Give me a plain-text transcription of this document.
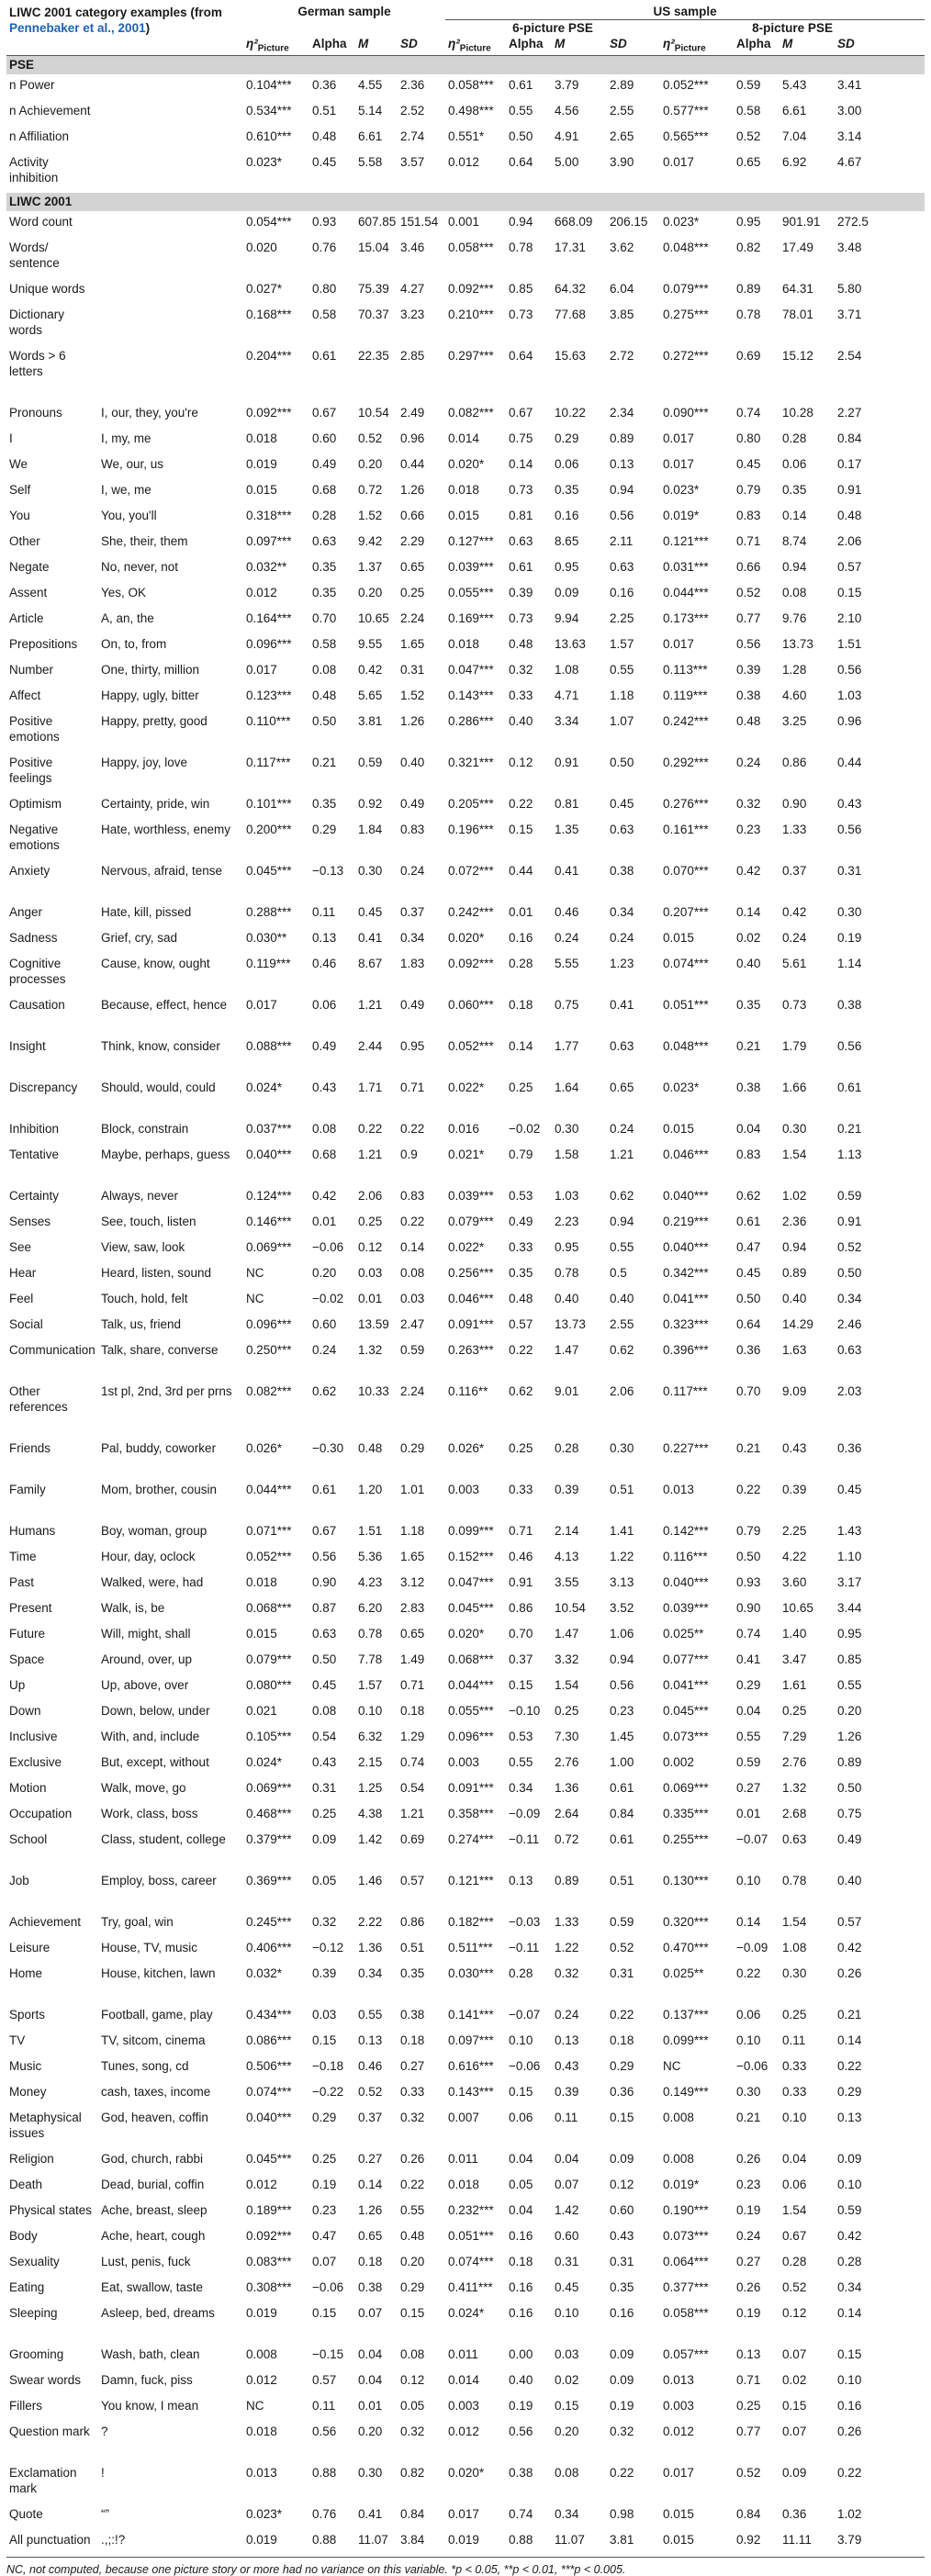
LIWC 2001 category examples (from
Pennebaker et al., 2001)		German sample				US sample							
						6-picture PSE				8-picture PSE			
		$\eta^2_{Picture}$	Alpha	M	SD	$\eta^2_{Picture}$	Alpha	M	SD	$\eta^2_{Picture}$	Alpha	M	SD
PSE													
n Power		0.104***	0.36	4.55	2.36	0.058***	0.61	3.79	2.89	0.052***	0.59	5.43	3.41
n Achievement		0.534***	0.51	5.14	2.52	0.498***	0.55	4.56	2.55	0.577***	0.58	6.61	3.00
n Affiliation		0.610***	0.48	6.61	2.74	0.551*	0.50	4.91	2.65	0.565***	0.52	7.04	3.14
Activity inhibition		0.023*	0.45	5.58	3.57	0.012	0.64	5.00	3.90	0.017	0.65	6.92	4.67
LIWC 2001													
Word count		0.054***	0.93	607.85	151.54	0.001	0.94	668.09	206.15	0.023*	0.95	901.91	272.5
Words/ sentence		0.020	0.76	15.04	3.46	0.058***	0.78	17.31	3.62	0.048***	0.82	17.49	3.48
Unique words		0.027*	0.80	75.39	4.27	0.092***	0.85	64.32	6.04	0.079***	0.89	64.31	5.80
Dictionary words		0.168***	0.58	70.37	3.23	0.210***	0.73	77.68	3.85	0.275***	0.78	78.01	3.71
Words > 6 letters		0.204***	0.61	22.35	2.85	0.297***	0.64	15.63	2.72	0.272***	0.69	15.12	2.54
Pronouns	I, our, they, you're	0.092***	0.67	10.54	2.49	0.082***	0.67	10.22	2.34	0.090***	0.74	10.28	2.27
I	I, my, me	0.018	0.60	0.52	0.96	0.014	0.75	0.29	0.89	0.017	0.80	0.28	0.84
We	We, our, us	0.019	0.49	0.20	0.44	0.020*	0.14	0.06	0.13	0.017	0.45	0.06	0.17
Self	I, we, me	0.015	0.68	0.72	1.26	0.018	0.73	0.35	0.94	0.023*	0.79	0.35	0.91
You	You, you'll	0.318***	0.28	1.52	0.66	0.015	0.81	0.16	0.56	0.019*	0.83	0.14	0.48
Other	She, their, them	0.097***	0.63	9.42	2.29	0.127***	0.63	8.65	2.11	0.121***	0.71	8.74	2.06
Negate	No, never, not	0.032**	0.35	1.37	0.65	0.039***	0.61	0.95	0.63	0.031***	0.66	0.94	0.57
Assent	Yes, OK	0.012	0.35	0.20	0.25	0.055***	0.39	0.09	0.16	0.044***	0.52	0.08	0.15
Article	A, an, the	0.164***	0.70	10.65	2.24	0.169***	0.73	9.94	2.25	0.173***	0.77	9.76	2.10
Prepositions	On, to, from	0.096***	0.58	9.55	1.65	0.018	0.48	13.63	1.57	0.017	0.56	13.73	1.51
Number	One, thirty, million	0.017	0.08	0.42	0.31	0.047***	0.32	1.08	0.55	0.113***	0.39	1.28	0.56
Affect	Happy, ugly, bitter	0.123***	0.48	5.65	1.52	0.143***	0.33	4.71	1.18	0.119***	0.38	4.60	1.03
Positive emotions	Happy, pretty, good	0.110***	0.50	3.81	1.26	0.286***	0.40	3.34	1.07	0.242***	0.48	3.25	0.96
Positive feelings	Happy, joy, love	0.117***	0.21	0.59	0.40	0.321***	0.12	0.91	0.50	0.292***	0.24	0.86	0.44
Optimism	Certainty, pride, win	0.101***	0.35	0.92	0.49	0.205***	0.22	0.81	0.45	0.276***	0.32	0.90	0.43
Negative emotions	Hate, worthless, enemy	0.200***	0.29	1.84	0.83	0.196***	0.15	1.35	0.63	0.161***	0.23	1.33	0.56
Anxiety	Nervous, afraid, tense	0.045***	−0.13	0.30	0.24	0.072***	0.44	0.41	0.38	0.070***	0.42	0.37	0.31
Anger	Hate, kill, pissed	0.288***	0.11	0.45	0.37	0.242***	0.01	0.46	0.34	0.207***	0.14	0.42	0.30
Sadness	Grief, cry, sad	0.030**	0.13	0.41	0.34	0.020*	0.16	0.24	0.24	0.015	0.02	0.24	0.19
Cognitive processes	Cause, know, ought	0.119***	0.46	8.67	1.83	0.092***	0.28	5.55	1.23	0.074***	0.40	5.61	1.14
Causation	Because, effect, hence	0.017	0.06	1.21	0.49	0.060***	0.18	0.75	0.41	0.051***	0.35	0.73	0.38
Insight	Think, know, consider	0.088***	0.49	2.44	0.95	0.052***	0.14	1.77	0.63	0.048***	0.21	1.79	0.56
Discrepancy	Should, would, could	0.024*	0.43	1.71	0.71	0.022*	0.25	1.64	0.65	0.023*	0.38	1.66	0.61
Inhibition	Block, constrain	0.037***	0.08	0.22	0.22	0.016	−0.02	0.30	0.24	0.015	0.04	0.30	0.21
Tentative	Maybe, perhaps, guess	0.040***	0.68	1.21	0.9	0.021*	0.79	1.58	1.21	0.046***	0.83	1.54	1.13
Certainty	Always, never	0.124***	0.42	2.06	0.83	0.039***	0.53	1.03	0.62	0.040***	0.62	1.02	0.59
Senses	See, touch, listen	0.146***	0.01	0.25	0.22	0.079***	0.49	2.23	0.94	0.219***	0.61	2.36	0.91
See	View, saw, look	0.069***	−0.06	0.12	0.14	0.022*	0.33	0.95	0.55	0.040***	0.47	0.94	0.52
Hear	Heard, listen, sound	NC	0.20	0.03	0.08	0.256***	0.35	0.78	0.5	0.342***	0.45	0.89	0.50
Feel	Touch, hold, felt	NC	−0.02	0.01	0.03	0.046***	0.48	0.40	0.40	0.041***	0.50	0.40	0.34
Social	Talk, us, friend	0.096***	0.60	13.59	2.47	0.091***	0.57	13.73	2.55	0.323***	0.64	14.29	2.46
Communication	Talk, share, converse	0.250***	0.24	1.32	0.59	0.263***	0.22	1.47	0.62	0.396***	0.36	1.63	0.63
Other references	1st pl, 2nd, 3rd per prns	0.082***	0.62	10.33	2.24	0.116**	0.62	9.01	2.06	0.117***	0.70	9.09	2.03
Friends	Pal, buddy, coworker	0.026*	−0.30	0.48	0.29	0.026*	0.25	0.28	0.30	0.227***	0.21	0.43	0.36
Family	Mom, brother, cousin	0.044***	0.61	1.20	1.01	0.003	0.33	0.39	0.51	0.013	0.22	0.39	0.45
Humans	Boy, woman, group	0.071***	0.67	1.51	1.18	0.099***	0.71	2.14	1.41	0.142***	0.79	2.25	1.43
Time	Hour, day, oclock	0.052***	0.56	5.36	1.65	0.152***	0.46	4.13	1.22	0.116***	0.50	4.22	1.10
Past	Walked, were, had	0.018	0.90	4.23	3.12	0.047***	0.91	3.55	3.13	0.040***	0.93	3.60	3.17
Present	Walk, is, be	0.068***	0.87	6.20	2.83	0.045***	0.86	10.54	3.52	0.039***	0.90	10.65	3.44
Future	Will, might, shall	0.015	0.63	0.78	0.65	0.020*	0.70	1.47	1.06	0.025**	0.74	1.40	0.95
Space	Around, over, up	0.079***	0.50	7.78	1.49	0.068***	0.37	3.32	0.94	0.077***	0.41	3.47	0.85
Up	Up, above, over	0.080***	0.45	1.57	0.71	0.044***	0.15	1.54	0.56	0.041***	0.29	1.61	0.55
Down	Down, below, under	0.021	0.08	0.10	0.18	0.055***	−0.10	0.25	0.23	0.045***	0.04	0.25	0.20
Inclusive	With, and, include	0.105***	0.54	6.32	1.29	0.096***	0.53	7.30	1.45	0.073***	0.55	7.29	1.26
Exclusive	But, except, without	0.024*	0.43	2.15	0.74	0.003	0.55	2.76	1.00	0.002	0.59	2.76	0.89
Motion	Walk, move, go	0.069***	0.31	1.25	0.54	0.091***	0.34	1.36	0.61	0.069***	0.27	1.32	0.50
Occupation	Work, class, boss	0.468***	0.25	4.38	1.21	0.358***	−0.09	2.64	0.84	0.335***	0.01	2.68	0.75
School	Class, student, college	0.379***	0.09	1.42	0.69	0.274***	−0.11	0.72	0.61	0.255***	−0.07	0.63	0.49
Job	Employ, boss, career	0.369***	0.05	1.46	0.57	0.121***	0.13	0.89	0.51	0.130***	0.10	0.78	0.40
Achievement	Try, goal, win	0.245***	0.32	2.22	0.86	0.182***	−0.03	1.33	0.59	0.320***	0.14	1.54	0.57
Leisure	House, TV, music	0.406***	−0.12	1.36	0.51	0.511***	−0.11	1.22	0.52	0.470***	−0.09	1.08	0.42
Home	House, kitchen, lawn	0.032*	0.39	0.34	0.35	0.030***	0.28	0.32	0.31	0.025**	0.22	0.30	0.26
Sports	Football, game, play	0.434***	0.03	0.55	0.38	0.141***	−0.07	0.24	0.22	0.137***	0.06	0.25	0.21
TV	TV, sitcom, cinema	0.086***	0.15	0.13	0.18	0.097***	0.10	0.13	0.18	0.099***	0.10	0.11	0.14
Music	Tunes, song, cd	0.506***	−0.18	0.46	0.27	0.616***	−0.06	0.43	0.29	NC	−0.06	0.33	0.22
Money	cash, taxes, income	0.074***	−0.22	0.52	0.33	0.143***	0.15	0.39	0.36	0.149***	0.30	0.33	0.29
Metaphysical issues	God, heaven, coffin	0.040***	0.29	0.37	0.32	0.007	0.06	0.11	0.15	0.008	0.21	0.10	0.13
Religion	God, church, rabbi	0.045***	0.25	0.27	0.26	0.011	0.04	0.04	0.09	0.008	0.26	0.04	0.09
Death	Dead, burial, coffin	0.012	0.19	0.14	0.22	0.018	0.05	0.07	0.12	0.019*	0.23	0.06	0.10
Physical states	Ache, breast, sleep	0.189***	0.23	1.26	0.55	0.232***	0.04	1.42	0.60	0.190***	0.19	1.54	0.59
Body	Ache, heart, cough	0.092***	0.47	0.65	0.48	0.051***	0.16	0.60	0.43	0.073***	0.24	0.67	0.42
Sexuality	Lust, penis, fuck	0.083***	0.07	0.18	0.20	0.074***	0.18	0.31	0.31	0.064***	0.27	0.28	0.28
Eating	Eat, swallow, taste	0.308***	−0.06	0.38	0.29	0.411***	0.16	0.45	0.35	0.377***	0.26	0.52	0.34
Sleeping	Asleep, bed, dreams	0.019	0.15	0.07	0.15	0.024*	0.16	0.10	0.16	0.058***	0.19	0.12	0.14
Grooming	Wash, bath, clean	0.008	−0.15	0.04	0.08	0.011	0.00	0.03	0.09	0.057***	0.13	0.07	0.15
Swear words	Damn, fuck, piss	0.012	0.57	0.04	0.12	0.014	0.40	0.02	0.09	0.013	0.71	0.02	0.10
Fillers	You know, I mean	NC	0.11	0.01	0.05	0.003	0.19	0.15	0.19	0.003	0.25	0.15	0.16
Question mark	?	0.018	0.56	0.20	0.32	0.012	0.56	0.20	0.32	0.012	0.77	0.07	0.26
Exclamation mark	!	0.013	0.88	0.30	0.82	0.020*	0.38	0.08	0.22	0.017	0.52	0.09	0.22
Quote	“”	0.023*	0.76	0.41	0.84	0.017	0.74	0.34	0.98	0.015	0.84	0.36	1.02
All punctuation	.,;:!?	0.019	0.88	11.07	3.84	0.019	0.88	11.07	3.81	0.015	0.92	11.11	3.79
NC, not computed, because one picture story or more had no variance on this variable. *p < 0.05, **p < 0.01, ***p < 0.005.
